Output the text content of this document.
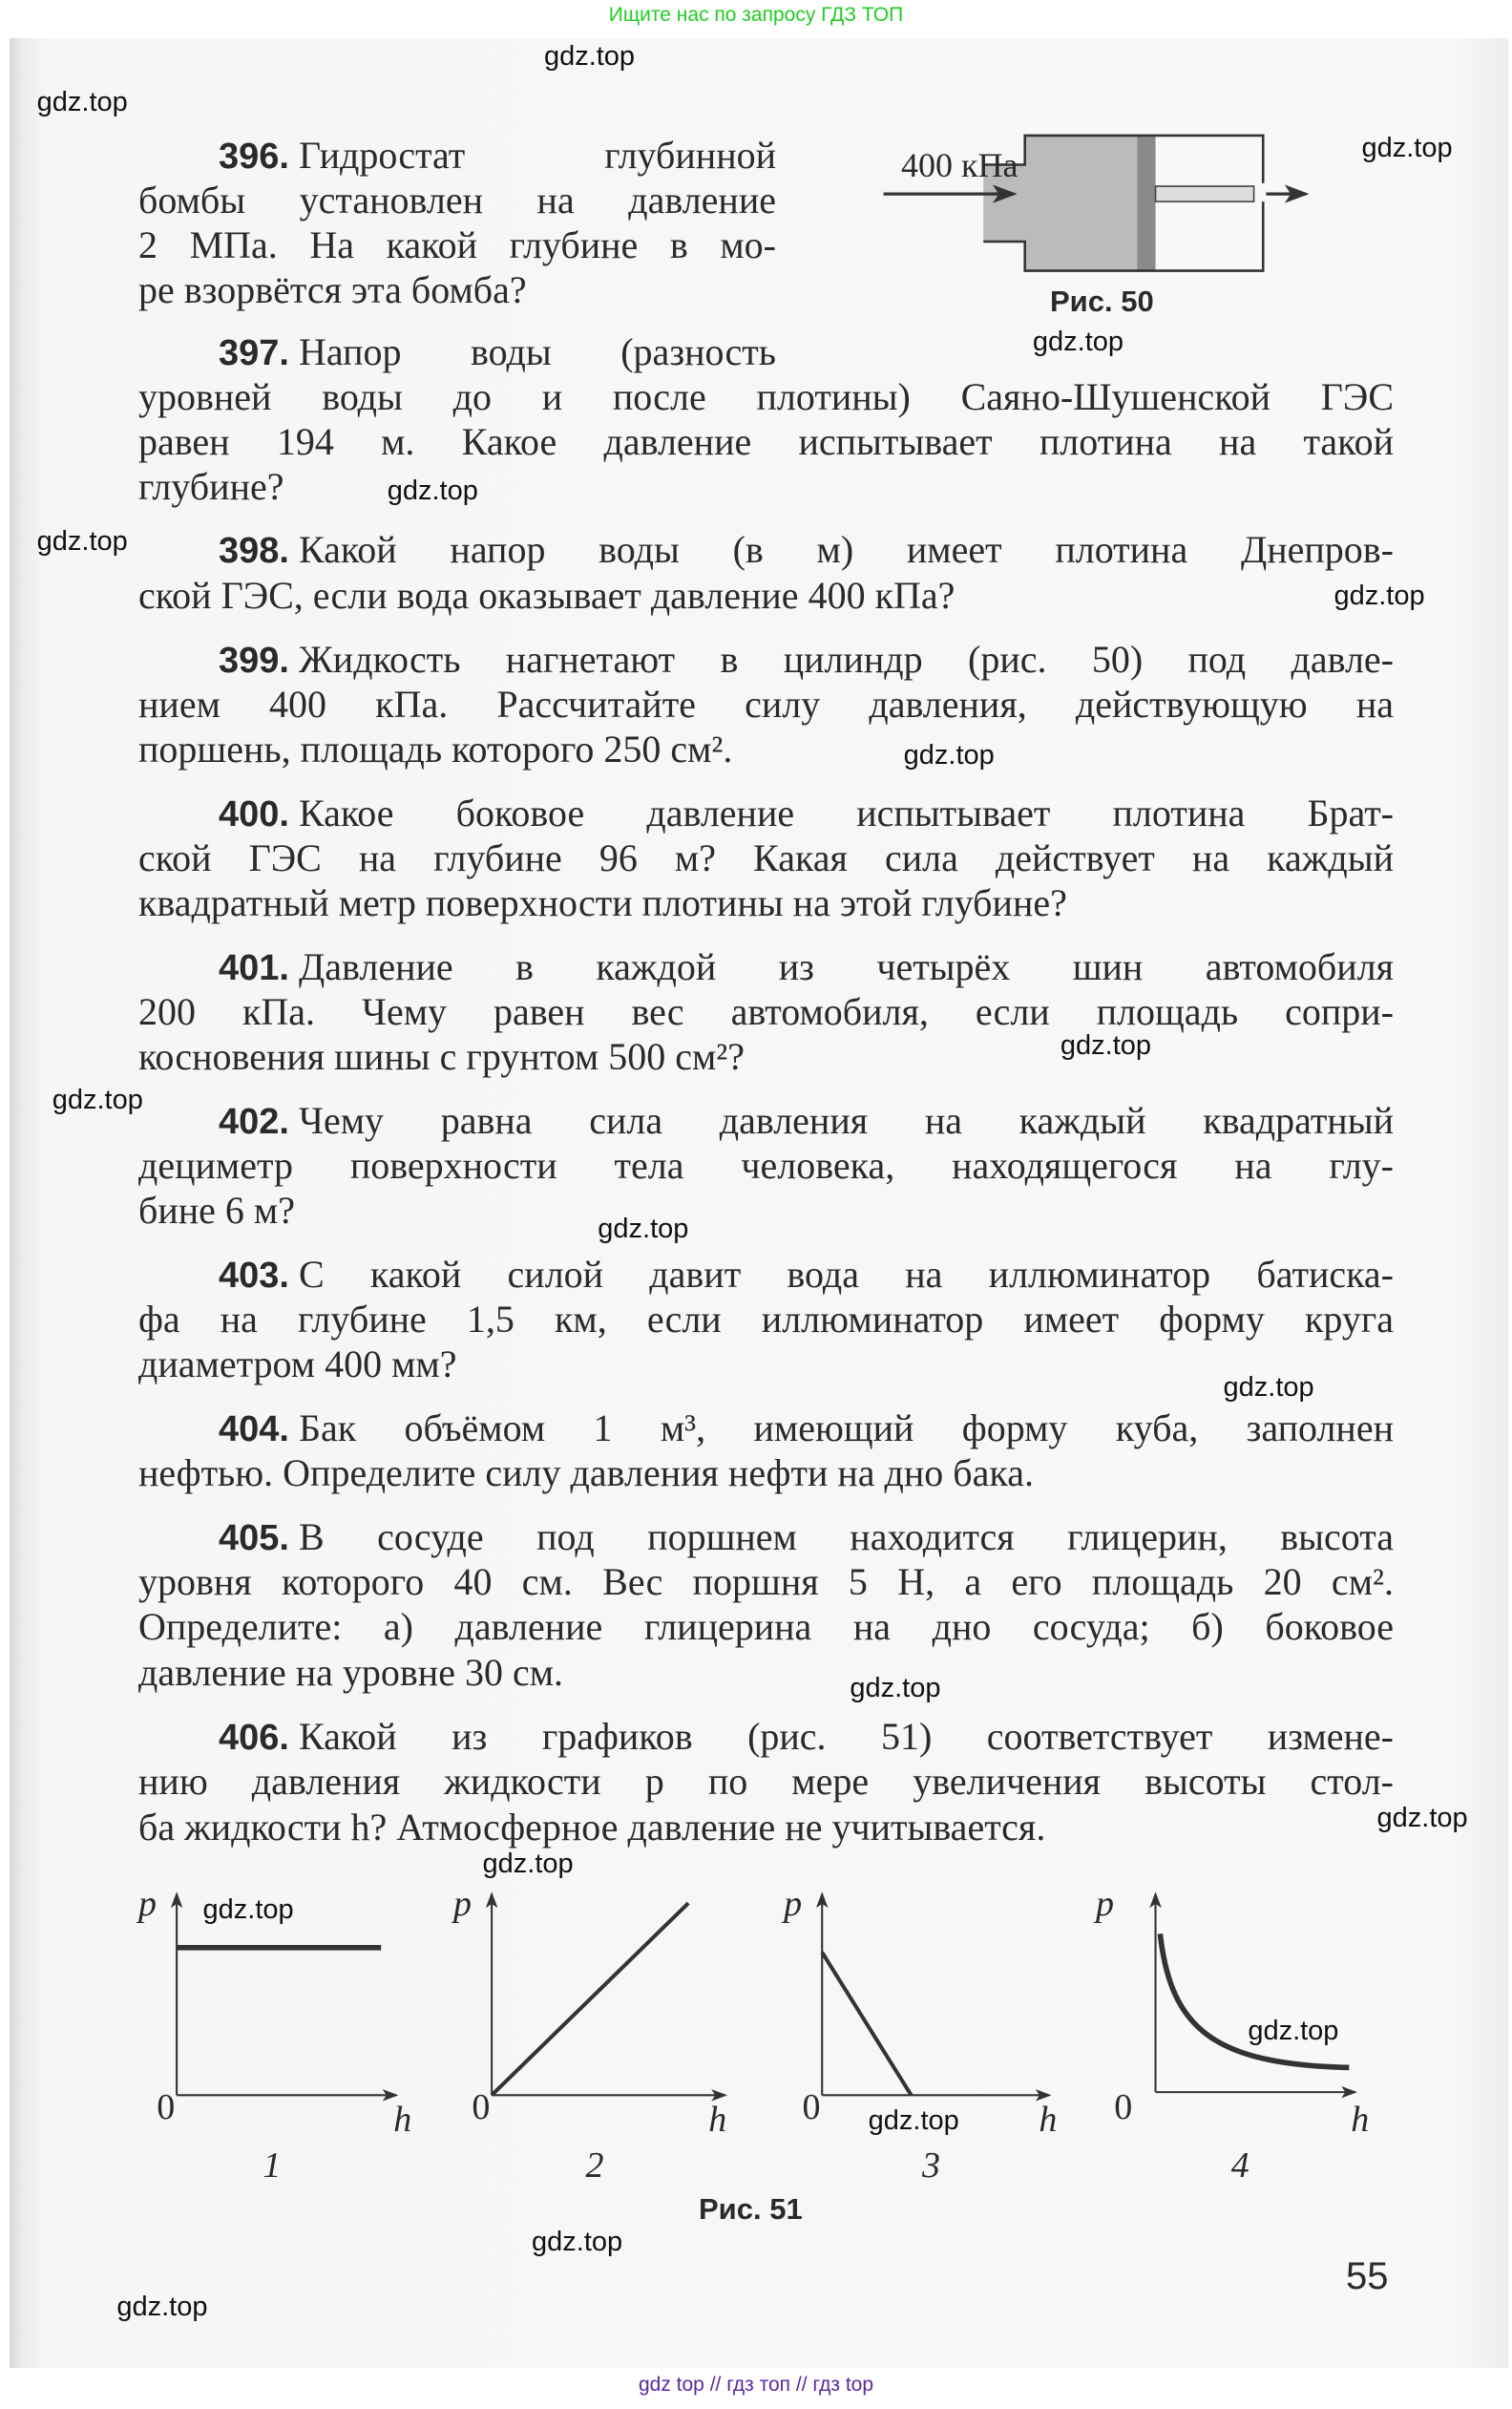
Ищите нас по запросу ГДЗ ТОП
gdz top // гдз топ // гдз top
396. Гидростат глубинной
бомбы установлен на давление
2 МПа. На какой глубине в мо-
ре взорвётся эта бомба?
397. Напор воды (разность
уровней воды до и после плотины) Саяно-Шушенской ГЭС
равен 194 м. Какое давление испытывает плотина на такой
глубине?
398. Какой напор воды (в м) имеет плотина Днепров-
ской ГЭС, если вода оказывает давление 400 кПа?
399. Жидкость нагнетают в цилиндр (рис. 50) под давле-
нием 400 кПа. Рассчитайте силу давления, действующую на
поршень, площадь которого 250 см².
400. Какое боковое давление испытывает плотина Брат-
ской ГЭС на глубине 96 м? Какая сила действует на каждый
квадратный метр поверхности плотины на этой глубине?
401. Давление в каждой из четырёх шин автомобиля
200 кПа. Чему равен вес автомобиля, если площадь сопри-
косновения шины с грунтом 500 см²?
402. Чему равна сила давления на каждый квадратный
дециметр поверхности тела человека, находящегося на глу-
бине 6 м?
403. С какой силой давит вода на иллюминатор батиска-
фа на глубине 1,5 км, если иллюминатор имеет форму круга
диаметром 400 мм?
404. Бак объёмом 1 м³, имеющий форму куба, заполнен
нефтью. Определите силу давления нефти на дно бака.
405. В сосуде под поршнем находится глицерин, высота
уровня которого 40 см. Вес поршня 5 Н, а его площадь 20 см².
Определите: а) давление глицерина на дно сосуда; б) боковое
давление на уровне 30 см.
406. Какой из графиков (рис. 51) соответствует измене-
нию давления жидкости p по мере увеличения высоты стол-
ба жидкости h? Атмосферное давление не учитывается.
400 кПа
Рис. 50
p
0	h
1
p
0	h
2
p
0	h
3
p
0	h
4
Рис. 51
55
gdz.top
gdz.top
gdz.top
gdz.top
gdz.top
gdz.top
gdz.top
gdz.top
gdz.top
gdz.top
gdz.top
gdz.top
gdz.top
gdz.top
gdz.top
gdz.top
gdz.top
gdz.top
gdz.top
gdz.top
